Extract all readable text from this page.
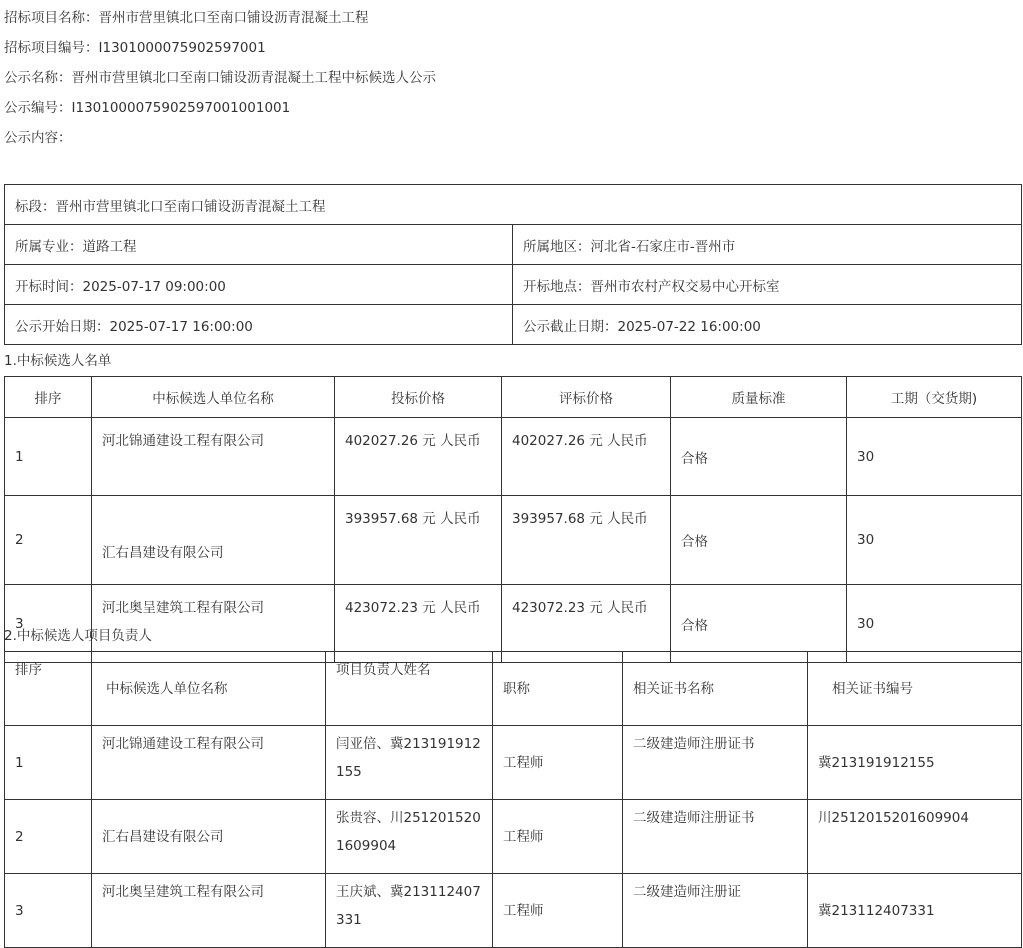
招标项目名称：晋州市营里镇北口至南口铺设沥青混凝土工程
招标项目编号：I1301000075902597001
公示名称：晋州市营里镇北口至南口铺设沥青混凝土工程中标候选人公示
公示编号：I1301000075902597001001001
公示内容：
标段：晋州市营里镇北口至南口铺设沥青混凝土工程	
所属专业：道路工程	所属地区：河北省-石家庄市-晋州市
开标时间：2025-07-17 09:00:00	开标地点：晋州市农村产权交易中心开标室
公示开始日期：2025-07-17 16:00:00	公示截止日期：2025-07-22 16:00:00
1.中标候选人名单
排序	中标候选人单位名称	投标价格	评标价格	质量标准	工期（交货期)
1	河北锦通建设工程有限公司	402027.26 元 人民币	402027.26 元 人民币	合格	30
2	汇右昌建设有限公司	393957.68 元 人民币	393957.68 元 人民币	合格	30
3	河北奥呈建筑工程有限公司	423072.23 元 人民币	423072.23 元 人民币	合格	30
2.中标候选人项目负责人
排序	中标候选人单位名称	项目负责人姓名	职称	相关证书名称	相关证书编号
1	河北锦通建设工程有限公司	闫亚倍、冀213191912155	工程师	二级建造师注册证书	冀213191912155
2	汇右昌建设有限公司	张贵容、川2512015201609904	工程师	二级建造师注册证书	川2512015201609904
3	河北奥呈建筑工程有限公司	王庆斌、冀213112407331	工程师	二级建造师注册证	冀213112407331
